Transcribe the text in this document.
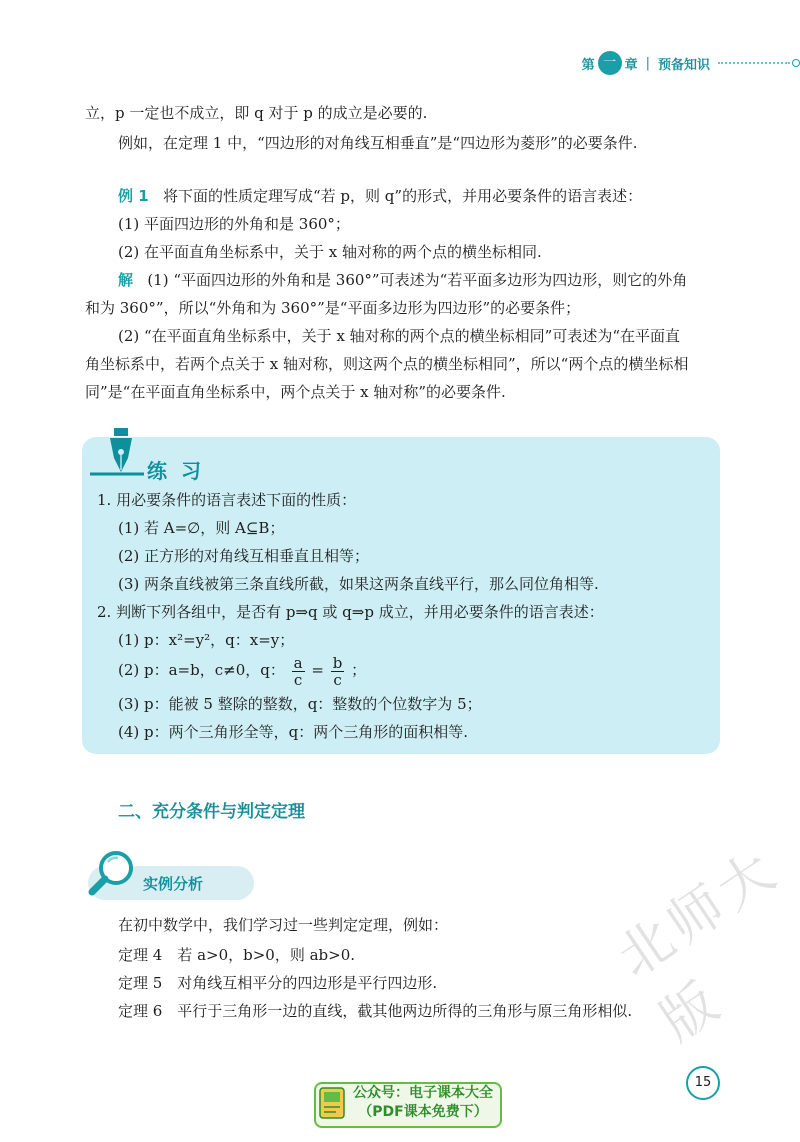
第 一 章 | 预备知识
立，p 一定也不成立，即 q 对于 p 的成立是必要的.
例如，在定理 1 中，“四边形的对角线互相垂直”是“四边形为菱形”的必要条件.
例 1 将下面的性质定理写成“若 p，则 q”的形式，并用必要条件的语言表述：
(1) 平面四边形的外角和是 360°；
(2) 在平面直角坐标系中，关于 x 轴对称的两个点的横坐标相同.
解 (1) “平面四边形的外角和是 360°”可表述为“若平面多边形为四边形，则它的外角
和为 360°”，所以“外角和为 360°”是“平面多边形为四边形”的必要条件；
(2) “在平面直角坐标系中，关于 x 轴对称的两个点的横坐标相同”可表述为“在平面直
角坐标系中，若两个点关于 x 轴对称，则这两个点的横坐标相同”，所以“两个点的横坐标相
同”是“在平面直角坐标系中，两个点关于 x 轴对称”的必要条件.
练习
1. 用必要条件的语言表述下面的性质：
(1) 若 A=∅，则 A⊆B；
(2) 正方形的对角线互相垂直且相等；
(3) 两条直线被第三条直线所截，如果这两条直线平行，那么同位角相等.
2. 判断下列各组中，是否有 p⇒q 或 q⇒p 成立，并用必要条件的语言表述：
(1) p：x²=y²，q：x=y；
(2) p：a=b，c≠0，q： $\frac{a}{c} = \frac{b}{c}$ ；
(3) p：能被 5 整除的整数，q：整数的个位数字为 5；
(4) p：两个三角形全等，q：两个三角形的面积相等.
二、充分条件与判定定理
实例分析
在初中数学中，我们学习过一些判定定理，例如：
定理 4　若 a>0，b>0，则 ab>0.
定理 5　对角线互相平分的四边形是平行四边形.
定理 6　平行于三角形一边的直线，截其他两边所得的三角形与原三角形相似.
北师大版
15
公众号：电子课本大全
（PDF课本免费下）
